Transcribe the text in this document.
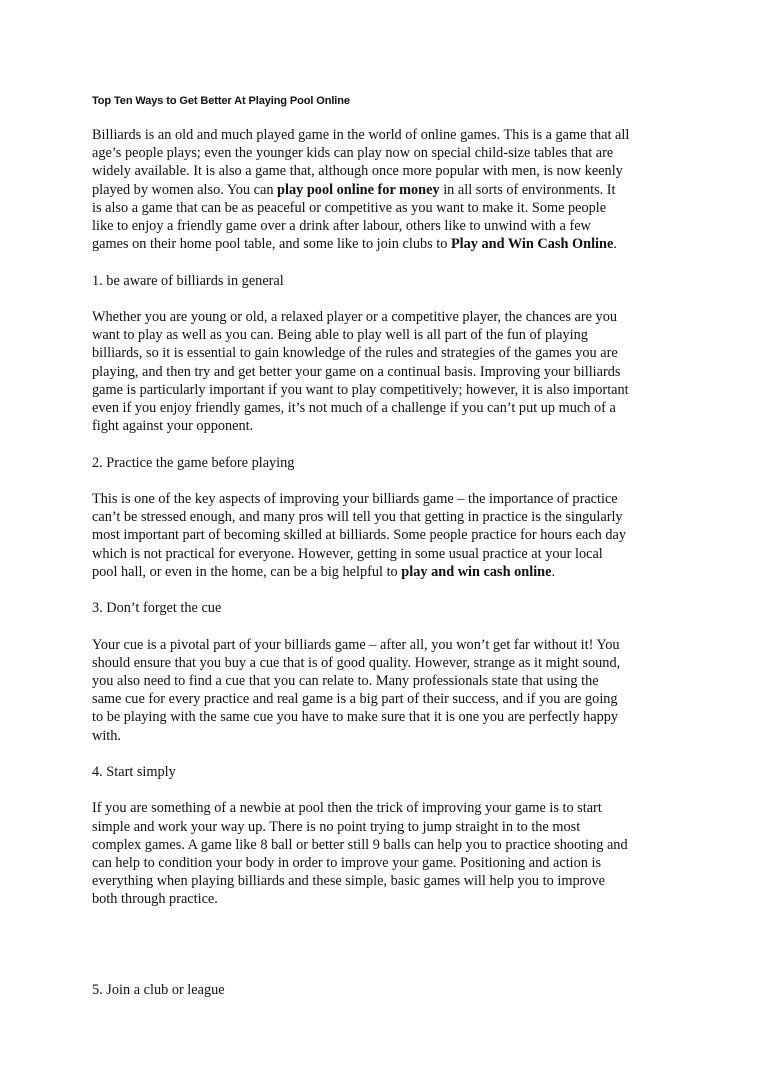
Top Ten Ways to Get Better At Playing Pool Online

Billiards is an old and much played game in the world of online games. This is a game that all
age’s people plays; even the younger kids can play now on special child-size tables that are
widely available. It is also a game that, although once more popular with men, is now keenly
played by women also. You can play pool online for money in all sorts of environments. It
is also a game that can be as peaceful or competitive as you want to make it. Some people
like to enjoy a friendly game over a drink after labour, others like to unwind with a few
games on their home pool table, and some like to join clubs to Play and Win Cash Online.

1. be aware of billiards in general

Whether you are young or old, a relaxed player or a competitive player, the chances are you
want to play as well as you can. Being able to play well is all part of the fun of playing
billiards, so it is essential to gain knowledge of the rules and strategies of the games you are
playing, and then try and get better your game on a continual basis. Improving your billiards
game is particularly important if you want to play competitively; however, it is also important
even if you enjoy friendly games, it’s not much of a challenge if you can’t put up much of a
fight against your opponent.

2. Practice the game before playing

This is one of the key aspects of improving your billiards game – the importance of practice
can’t be stressed enough, and many pros will tell you that getting in practice is the singularly
most important part of becoming skilled at billiards. Some people practice for hours each day
which is not practical for everyone. However, getting in some usual practice at your local
pool hall, or even in the home, can be a big helpful to play and win cash online.

3. Don’t forget the cue

Your cue is a pivotal part of your billiards game – after all, you won’t get far without it! You
should ensure that you buy a cue that is of good quality. However, strange as it might sound,
you also need to find a cue that you can relate to. Many professionals state that using the
same cue for every practice and real game is a big part of their success, and if you are going
to be playing with the same cue you have to make sure that it is one you are perfectly happy
with.

4. Start simply

If you are something of a newbie at pool then the trick of improving your game is to start
simple and work your way up. There is no point trying to jump straight in to the most
complex games. A game like 8 ball or better still 9 balls can help you to practice shooting and
can help to condition your body in order to improve your game. Positioning and action is
everything when playing billiards and these simple, basic games will help you to improve
both through practice.

5. Join a club or league
